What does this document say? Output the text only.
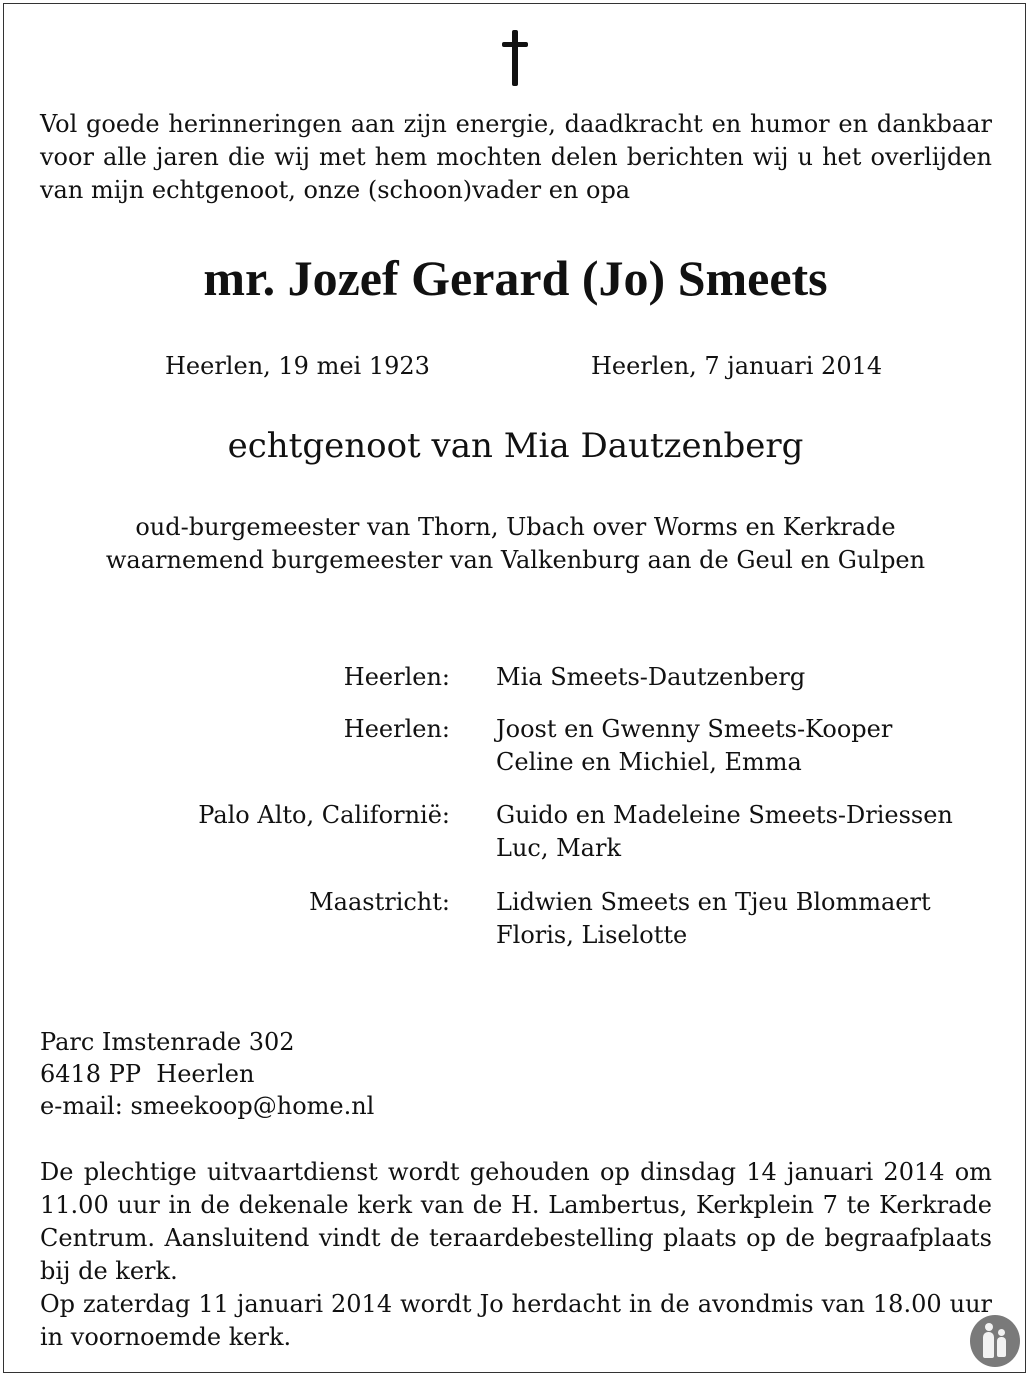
Vol goede herinneringen aan zijn energie, daadkracht en humor en dankbaar voor alle jaren die wij met hem mochten delen berichten wij u het overlijden van mijn echtgenoot, onze (schoon)vader en opa
mr. Jozef Gerard (Jo) Smeets
Heerlen, 19 mei 1923	Heerlen, 7 januari 2014
echtgenoot van Mia Dautzenberg
oud-burgemeester van Thorn, Ubach over Worms en Kerkrade
waarnemend burgemeester van Valkenburg aan de Geul en Gulpen
Heerlen: Mia Smeets-Dautzenberg
Heerlen: Joost en Gwenny Smeets-Kooper
Celine en Michiel, Emma
Palo Alto, Californië: Guido en Madeleine Smeets-Driessen
Luc, Mark
Maastricht: Lidwien Smeets en Tjeu Blommaert
Floris, Liselotte
Parc Imstenrade 302
6418 PP  Heerlen
e-mail: smeekoop@home.nl
De plechtige uitvaartdienst wordt gehouden op dinsdag 14 januari 2014 om 11.00 uur in de dekenale kerk van de H. Lambertus, Kerkplein 7 te Kerkrade Centrum. Aansluitend vindt de teraardebestelling plaats op de begraafplaats bij de kerk.
Op zaterdag 11 januari 2014 wordt Jo herdacht in de avondmis van 18.00 uur in voornoemde kerk.
